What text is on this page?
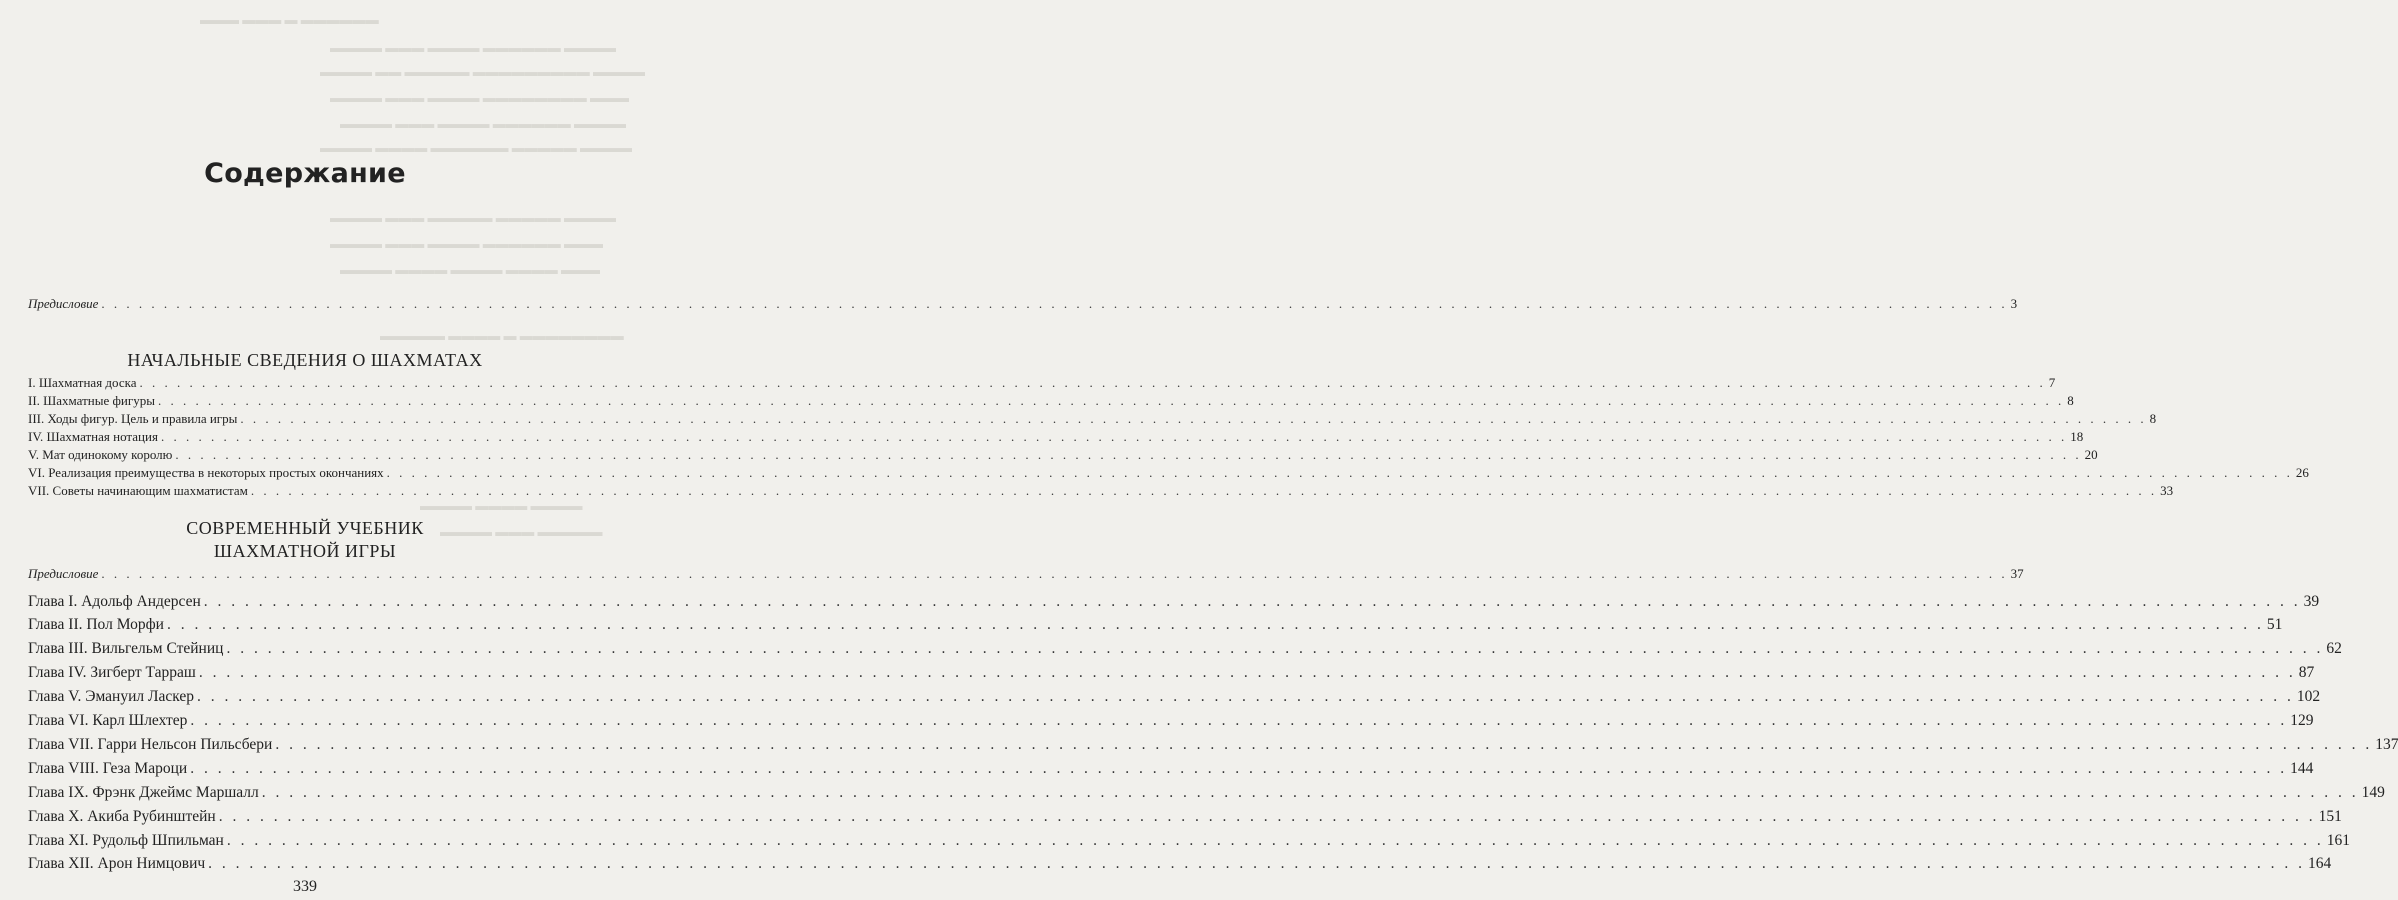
▬▬▬ ▬▬▬ ▬ ▬▬▬▬▬▬
▬▬▬▬ ▬▬▬ ▬▬▬▬ ▬▬▬▬▬▬ ▬▬▬▬
▬▬▬▬ ▬▬ ▬▬▬▬▬ ▬▬▬▬▬▬▬▬▬ ▬▬▬▬
▬▬▬▬ ▬▬▬ ▬▬▬▬ ▬▬▬▬▬▬▬▬ ▬▬▬
▬▬▬▬ ▬▬▬ ▬▬▬▬ ▬▬▬▬▬▬ ▬▬▬▬
▬▬▬▬ ▬▬▬▬ ▬▬▬▬▬▬ ▬▬▬▬▬ ▬▬▬▬
▬▬▬▬ ▬▬▬ ▬▬▬▬▬ ▬▬▬▬▬ ▬▬▬▬
▬▬▬▬ ▬▬▬ ▬▬▬▬ ▬▬▬▬▬▬ ▬▬▬
▬▬▬▬ ▬▬▬▬ ▬▬▬▬ ▬▬▬▬ ▬▬▬
▬▬▬▬▬ ▬▬▬▬ ▬ ▬▬▬▬▬▬▬▬
▬▬▬▬ ▬▬▬▬ ▬▬▬▬
▬▬▬▬ ▬▬▬ ▬▬▬▬▬
Содержание
Предисловие . . .	3
НАЧАЛЬНЫЕ СВЕДЕНИЯ О ШАХМАТАХ
I. Шахматная доска . . .	7
II. Шахматные фигуры . . .	8
III. Ходы фигур. Цель и правила игры . . .	8
IV. Шахматная нотация . . .	18
V. Мат одинокому королю . . .	20
VI. Реализация преимущества в некоторых простых окончаниях . . .	26
VII. Советы начинающим шахматистам . . .	33
СОВРЕМЕННЫЙ УЧЕБНИК
ШАХМАТНОЙ ИГРЫ
Предисловие . . .	37
Глава I. Адольф Андерсен . . .	39
Глава II. Пол Морфи . . .	51
Глава III. Вильгельм Стейниц . . .	62
Глава IV. Зигберт Тарраш . . .	87
Глава V. Эмануил Ласкер . . .	102
Глава VI. Карл Шлехтер . . .	129
Глава VII. Гарри Нельсон Пильсбери . . .	137
Глава VIII. Геза Мароци . . .	144
Глава IX. Фрэнк Джеймс Маршалл . . .	149
Глава X. Акиба Рубинштейн . . .	151
Глава XI. Рудольф Шпильман . . .	161
Глава XII. Арон Нимцович . . .	164
339
